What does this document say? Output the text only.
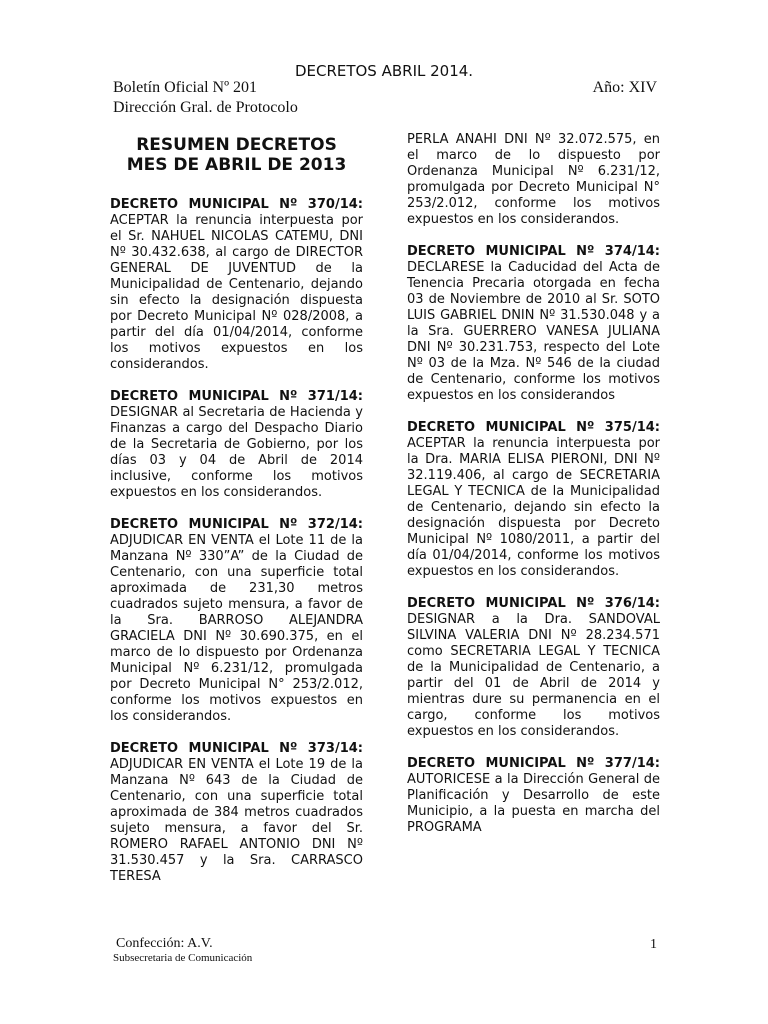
DECRETOS ABRIL 2014.
Boletín Oficial Nº 201	Año: XIV
Dirección Gral. de Protocolo
RESUMEN DECRETOS
MES DE ABRIL DE 2013
DECRETO MUNICIPAL Nº 370/14: ACEPTAR la renuncia interpuesta por el Sr. NAHUEL NICOLAS CATEMU, DNI Nº 30.432.638, al cargo de DIRECTOR GENERAL DE JUVENTUD de la Municipalidad de Centenario, dejando sin efecto la designación dispuesta por Decreto Municipal Nº 028/2008, a partir del día 01/04/2014, conforme los motivos expuestos en los considerandos.
DECRETO MUNICIPAL Nº 371/14: DESIGNAR al Secretaria de Hacienda y Finanzas a cargo del Despacho Diario de la Secretaria de Gobierno, por los días 03 y 04 de Abril de 2014 inclusive, conforme los motivos expuestos en los considerandos.
DECRETO MUNICIPAL Nº 372/14: ADJUDICAR EN VENTA el Lote 11 de la Manzana Nº 330”A” de la Ciudad de Centenario, con una superficie total aproximada de 231,30 metros cuadrados sujeto mensura, a favor de la Sra. BARROSO ALEJANDRA GRACIELA DNI Nº 30.690.375, en el marco de lo dispuesto por Ordenanza Municipal Nº 6.231/12, promulgada por Decreto Municipal N° 253/2.012, conforme los motivos expuestos en los considerandos.
DECRETO MUNICIPAL Nº 373/14: ADJUDICAR EN VENTA el Lote 19 de la Manzana Nº 643 de la Ciudad de Centenario, con una superficie total aproximada de 384 metros cuadrados sujeto mensura, a favor del Sr. ROMERO RAFAEL ANTONIO DNI Nº 31.530.457 y la Sra. CARRASCO TERESA
PERLA ANAHI DNI Nº 32.072.575, en el marco de lo dispuesto por Ordenanza Municipal Nº 6.231/12, promulgada por Decreto Municipal N° 253/2.012, conforme los motivos expuestos en los considerandos.
DECRETO MUNICIPAL Nº 374/14: DECLARESE la Caducidad del Acta de Tenencia Precaria otorgada en fecha 03 de Noviembre de 2010 al Sr. SOTO LUIS GABRIEL DNIN Nº 31.530.048 y a la Sra. GUERRERO VANESA JULIANA DNI Nº 30.231.753, respecto del Lote Nº 03 de la Mza. Nº 546 de la ciudad de Centenario, conforme los motivos expuestos en los considerandos
DECRETO MUNICIPAL Nº 375/14: ACEPTAR la renuncia interpuesta por la Dra. MARIA ELISA PIERONI, DNI Nº 32.119.406, al cargo de SECRETARIA LEGAL Y TECNICA de la Municipalidad de Centenario, dejando sin efecto la designación dispuesta por Decreto Municipal Nº 1080/2011, a partir del día 01/04/2014, conforme los motivos expuestos en los considerandos.
DECRETO MUNICIPAL Nº 376/14: DESIGNAR a la Dra. SANDOVAL SILVINA VALERIA DNI Nº 28.234.571 como SECRETARIA LEGAL Y TECNICA de la Municipalidad de Centenario, a partir del 01 de Abril de 2014 y mientras dure su permanencia en el cargo, conforme los motivos expuestos en los considerandos.
DECRETO MUNICIPAL Nº 377/14: AUTORICESE a la Dirección General de Planificación y Desarrollo de este Municipio, a la puesta en marcha del PROGRAMA
Confección: A.V.
Subsecretaria de Comunicación
1
